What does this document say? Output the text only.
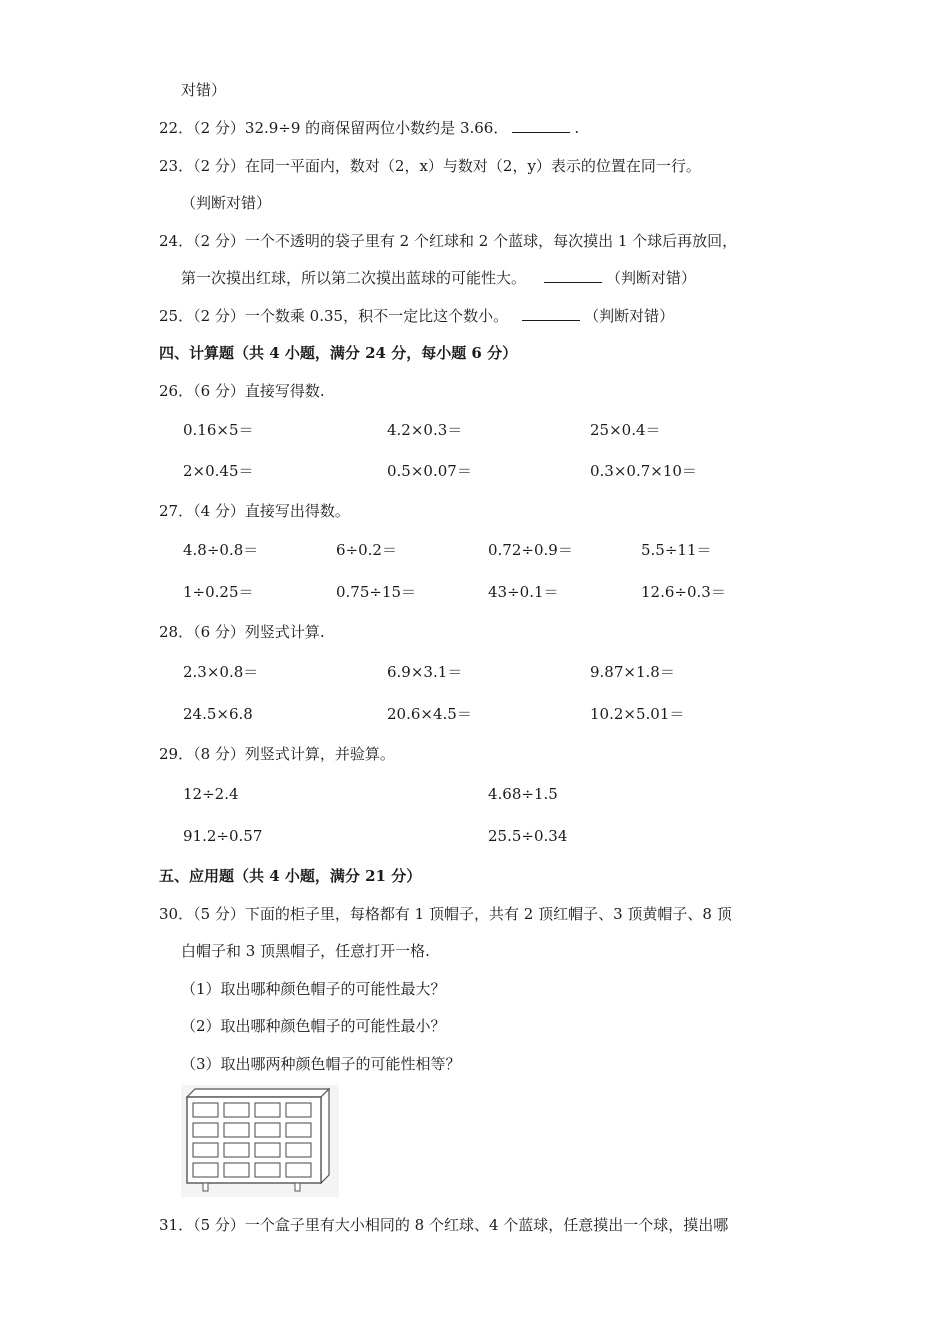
对错）
22．（2 分）32.9÷9 的商保留两位小数约是 3.66．	.
23．（2 分）在同一平面内，数对（2，x）与数对（2，y）表示的位置在同一行。
（判断对错）
24．（2 分）一个不透明的袋子里有 2 个红球和 2 个蓝球，每次摸出 1 个球后再放回，
第一次摸出红球，所以第二次摸出蓝球的可能性大。	（判断对错）
25．（2 分）一个数乘 0.35，积不一定比这个数小。	（判断对错）
四、计算题（共 4 小题，满分 24 分，每小题 6 分）
26．（6 分）直接写得数.
0.16×5＝	4.2×0.3＝	25×0.4＝
2×0.45＝	0.5×0.07＝	0.3×0.7×10＝
27．（4 分）直接写出得数。
4.8÷0.8＝	6÷0.2＝	0.72÷0.9＝	5.5÷11＝
1÷0.25＝	0.75÷15＝	43÷0.1＝	12.6÷0.3＝
28．（6 分）列竖式计算.
2.3×0.8＝	6.9×3.1＝	9.87×1.8＝
24.5×6.8	20.6×4.5＝	10.2×5.01＝
29．（8 分）列竖式计算，并验算。
12÷2.4	4.68÷1.5
91.2÷0.57	25.5÷0.34
五、应用题（共 4 小题，满分 21 分）
30．（5 分）下面的柜子里，每格都有 1 顶帽子，共有 2 顶红帽子、3 顶黄帽子、8 顶
白帽子和 3 顶黑帽子，任意打开一格.
（1）取出哪种颜色帽子的可能性最大？
（2）取出哪种颜色帽子的可能性最小？
（3）取出哪两种颜色帽子的可能性相等？
31．（5 分）一个盒子里有大小相同的 8 个红球、4 个蓝球，任意摸出一个球，摸出哪
